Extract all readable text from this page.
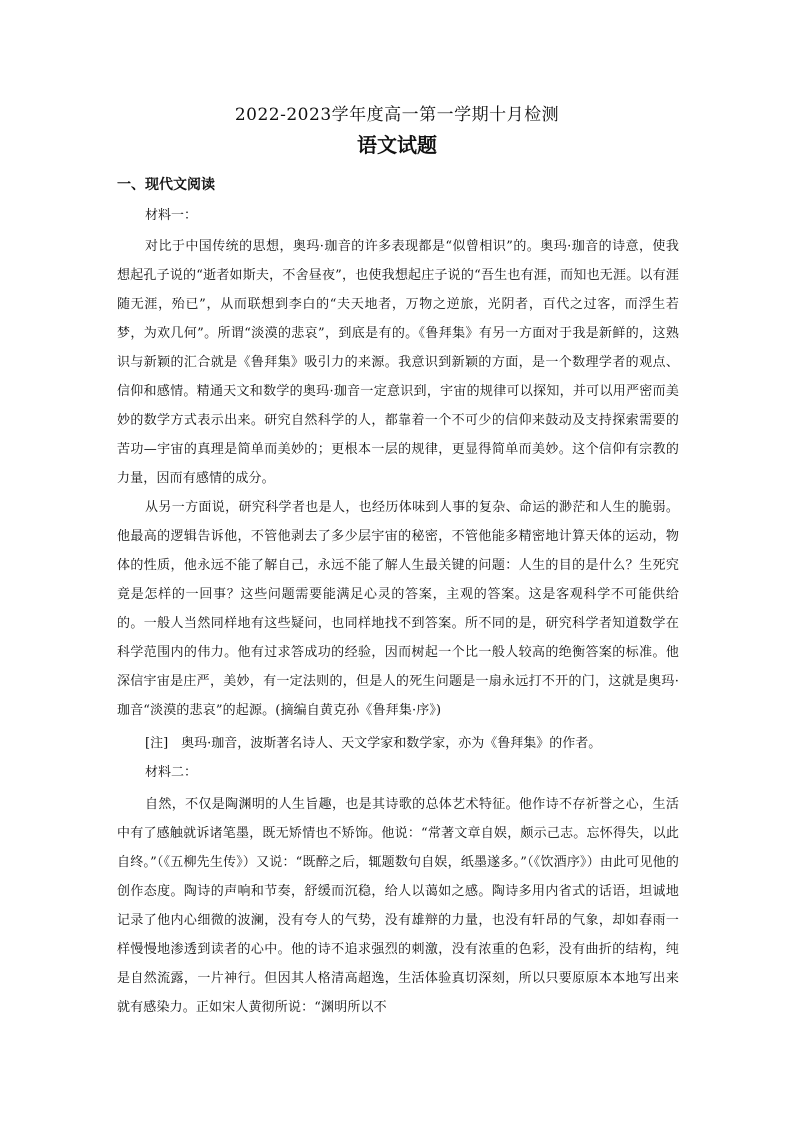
2022-2023学年度高一第一学期十月检测
语文试题
一、现代文阅读
材料一：

对比于中国传统的思想，奥玛·珈音的许多表现都是“似曾相识”的。奥玛·珈音的诗意，使我想起孔子说的“逝者如斯夫，不舍昼夜”，也使我想起庄子说的“吾生也有涯，而知也无涯。以有涯随无涯，殆已”，从而联想到李白的“夫天地者，万物之逆旅，光阴者，百代之过客，而浮生若梦，为欢几何”。所谓“淡漠的悲哀”，到底是有的。《鲁拜集》有另一方面对于我是新鲜的，这熟识与新颖的汇合就是《鲁拜集》吸引力的来源。我意识到新颖的方面，是一个数理学者的观点、信仰和感情。精通天文和数学的奥玛·珈音一定意识到，宇宙的规律可以探知，并可以用严密而美妙的数学方式表示出来。研究自然科学的人，都靠着一个不可少的信仰来鼓动及支持探索需要的苦功—宇宙的真理是简单而美妙的；更根本一层的规律，更显得简单而美妙。这个信仰有宗教的力量，因而有感情的成分。

从另一方面说，研究科学者也是人，也经历体味到人事的复杂、命运的渺茫和人生的脆弱。他最高的逻辑告诉他，不管他剥去了多少层宇宙的秘密，不管他能多精密地计算天体的运动，物体的性质，他永远不能了解自己，永远不能了解人生最关键的问题：人生的目的是什么？生死究竟是怎样的一回事？这些问题需要能满足心灵的答案，主观的答案。这是客观科学不可能供给的。一般人当然同样地有这些疑问，也同样地找不到答案。所不同的是，研究科学者知道数学在科学范围内的伟力。他有过求答成功的经验，因而树起一个比一般人较高的绝衡答案的标准。他深信宇宙是庄严，美妙，有一定法则的，但是人的死生问题是一扇永远打不开的门，这就是奥玛·珈音“淡漠的悲哀”的起源。(摘编自黄克孙《鲁拜集·序》)

[注]　奥玛·珈音，波斯著名诗人、天文学家和数学家，亦为《鲁拜集》的作者。
材料二：

自然，不仅是陶渊明的人生旨趣，也是其诗歌的总体艺术特征。他作诗不存祈誉之心，生活中有了感触就诉诸笔墨，既无矫情也不矫饰。他说：“常著文章自娱，颇示己志。忘怀得失，以此自终。”（《五柳先生传》）又说：“既醉之后，辄题数句自娱，纸墨遂多。”（《饮酒序》）由此可见他的创作态度。陶诗的声响和节奏，舒缓而沉稳，给人以蔼如之感。陶诗多用内省式的话语，坦诚地记录了他内心细微的波澜，没有夸人的气势，没有雄辩的力量，也没有轩昂的气象，却如春雨一样慢慢地渗透到读者的心中。他的诗不追求强烈的刺激，没有浓重的色彩，没有曲折的结构，纯是自然流露，一片神行。但因其人格清高超逸，生活体验真切深刻，所以只要原原本本地写出来就有感染力。正如宋人黄彻所说：“渊明所以不
